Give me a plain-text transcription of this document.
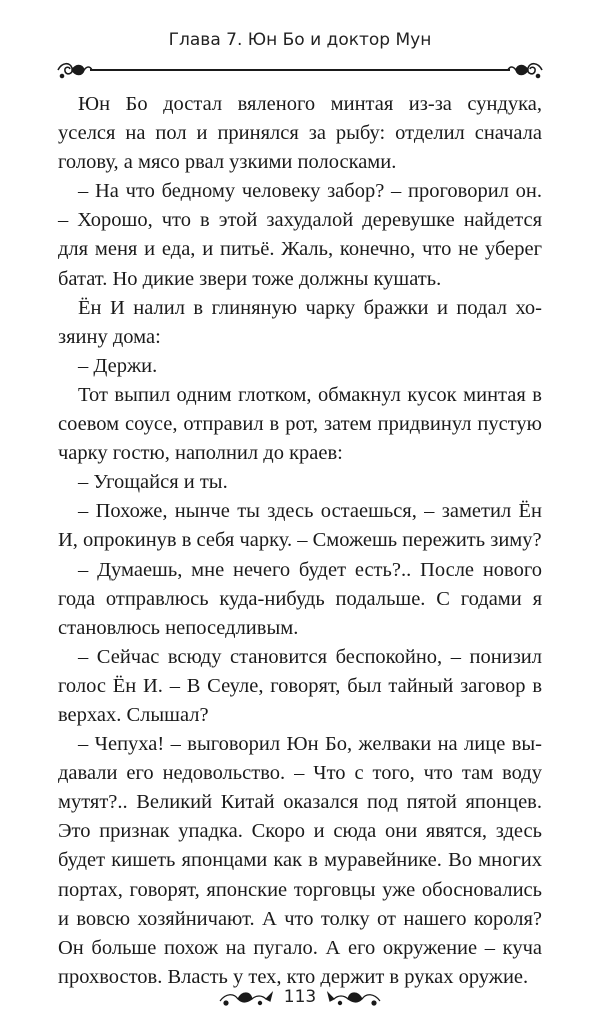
Глава 7. Юн Бо и доктор Мун

Юн Бо достал вяленого минтая из-за сундука, уселся на пол и принялся за рыбу: отделил сначала голову, а мясо рвал узкими полосками.

– На что бедному человеку забор? – проговорил он. – Хорошо, что в этой захудалой деревушке найдется для меня и еда, и питьё. Жаль, конечно, что не уберег батат. Но дикие звери тоже должны кушать.

Ён И налил в глиняную чарку бражки и подал хозяину дома:

– Держи.

Тот выпил одним глотком, обмакнул кусок минтая в соевом соусе, отправил в рот, затем придвинул пустую чарку гостю, наполнил до краев:

– Угощайся и ты.

– Похоже, нынче ты здесь остаешься, – заметил Ён И, опрокинув в себя чарку. – Сможешь пережить зиму?

– Думаешь, мне нечего будет есть?.. После нового года отправлюсь куда-нибудь подальше. С годами я становлюсь непоседливым.

– Сейчас всюду становится беспокойно, – понизил голос Ён И. – В Сеуле, говорят, был тайный заговор в верхах. Слышал?

– Чепуха! – выговорил Юн Бо, желваки на лице выдавали его недовольство. – Что с того, что там воду мутят?.. Великий Китай оказался под пятой японцев. Это признак упадка. Скоро и сюда они явятся, здесь будет кишеть японцами как в муравейнике. Во многих портах, говорят, японские торговцы уже обосновались и вовсю хозяйничают. А что толку от нашего короля? Он больше похож на пугало. А его окружение – куча прохвостов. Власть у тех, кто держит в руках оружие.

113
